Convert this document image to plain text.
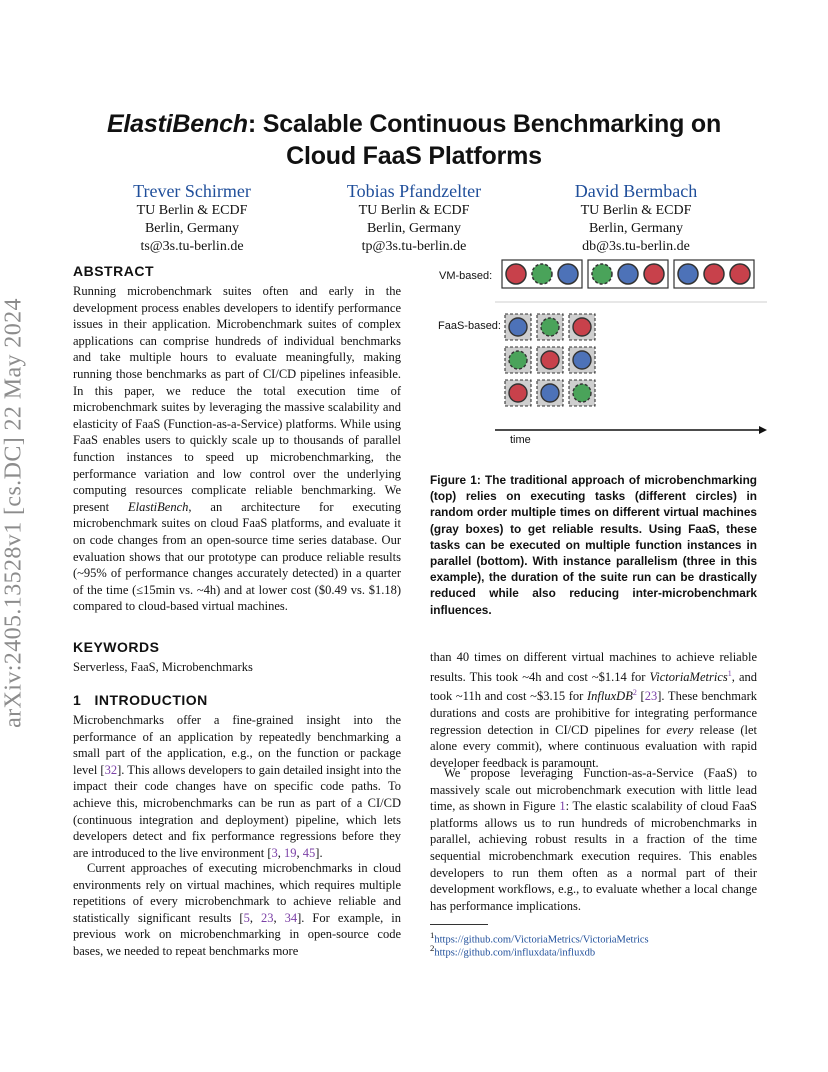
arXiv:2405.13528v1 [cs.DC] 22 May 2024
ElastiBench: Scalable Continuous Benchmarking on
Cloud FaaS Platforms
Trever Schirmer
TU Berlin & ECDF
Berlin, Germany
ts@3s.tu-berlin.de
Tobias Pfandzelter
TU Berlin & ECDF
Berlin, Germany
tp@3s.tu-berlin.de
David Bermbach
TU Berlin & ECDF
Berlin, Germany
db@3s.tu-berlin.de
ABSTRACT
Running microbenchmark suites often and early in the development process enables developers to identify performance issues in their application. Microbenchmark suites of complex applications can comprise hundreds of individual benchmarks and take multiple hours to evaluate meaningfully, making running those benchmarks as part of CI/CD pipelines infeasible. In this paper, we reduce the total execution time of microbenchmark suites by leveraging the massive scalability and elasticity of FaaS (Function-as-a-Service) platforms. While using FaaS enables users to quickly scale up to thousands of parallel function instances to speed up microbenchmarking, the performance variation and low control over the underlying computing resources complicate reliable benchmarking. We present ElastiBench, an architecture for executing microbenchmark suites on cloud FaaS platforms, and evaluate it on code changes from an open-source time series database. Our evaluation shows that our prototype can produce reliable results (~95% of performance changes accurately detected) in a quarter of the time (≤15min vs. ~4h) and at lower cost ($0.49 vs. $1.18) compared to cloud-based virtual machines.
KEYWORDS
Serverless, FaaS, Microbenchmarks
1 INTRODUCTION
Microbenchmarks offer a fine-grained insight into the performance of an application by repeatedly benchmarking a small part of the application, e.g., on the function or package level [32]. This allows developers to gain detailed insight into the impact their code changes have on specific code paths. To achieve this, microbenchmarks can be run as part of a CI/CD (continuous integration and deployment) pipeline, which lets developers detect and fix performance regressions before they are introduced to the live environment [3, 19, 45].
Current approaches of executing microbenchmarks in cloud environments rely on virtual machines, which requires multiple repetitions of every microbenchmark to achieve reliable and statistically significant results [5, 23, 34]. For example, in previous work on microbenchmarking in open-source code bases, we needed to repeat benchmarks more
VM-based:
FaaS-based:
time
Figure 1: The traditional approach of microbenchmarking (top) relies on executing tasks (different circles) in random order multiple times on different virtual machines (gray boxes) to get reliable results. Using FaaS, these tasks can be executed on multiple function instances in parallel (bottom). With instance parallelism (three in this example), the duration of the suite run can be drastically reduced while also reducing inter-microbenchmark influences.
than 40 times on different virtual machines to achieve reliable results. This took ~4h and cost ~$1.14 for VictoriaMetrics$^1$, and took ~11h and cost ~$3.15 for InfluxDB$^2$ [23]. These benchmark durations and costs are prohibitive for integrating performance regression detection in CI/CD pipelines for every release (let alone every commit), where continuous evaluation with rapid developer feedback is paramount.
We propose leveraging Function-as-a-Service (FaaS) to massively scale out microbenchmark execution with little lead time, as shown in Figure 1: The elastic scalability of cloud FaaS platforms allows us to run hundreds of microbenchmarks in parallel, achieving robust results in a fraction of the time sequential microbenchmark execution requires. This enables developers to run them often as a normal part of their development workflows, e.g., to evaluate whether a local change has performance implications.
$^1$https://github.com/VictoriaMetrics/VictoriaMetrics
$^2$https://github.com/influxdata/influxdb
